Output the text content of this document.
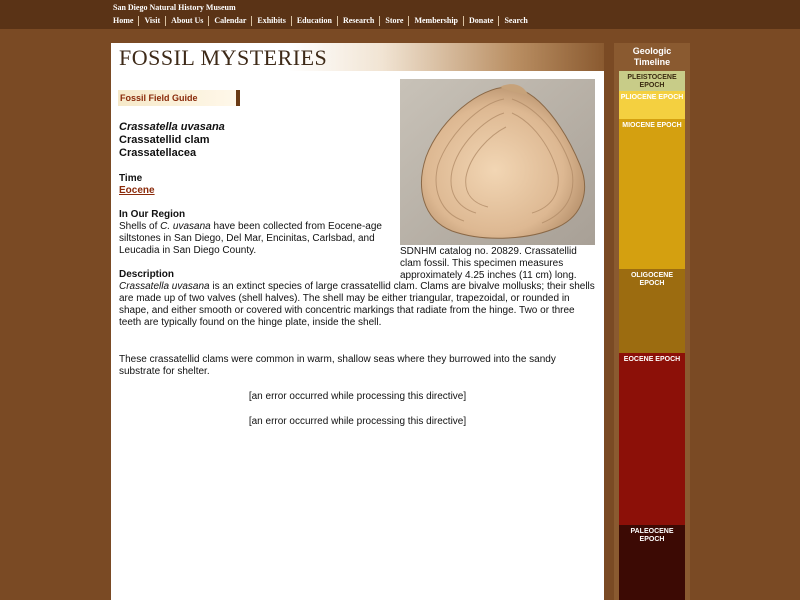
San Diego Natural History Museum
Home	Visit	About Us	Calendar	Exhibits	Education	Research	Store	Membership	Donate	Search
FOSSIL MYSTERIES
Fossil Field Guide
SDNHM catalog no. 20829. Crassatellid clam fossil. This specimen measures approximately 4.25 inches (11 cm) long.
Crassatella uvasana
Crassatellid clam
Crassatellacea
Time
Eocene
In Our Region
Shells of C. uvasana have been collected from Eocene-age siltstones in San Diego, Del Mar, Encinitas, Carlsbad, and Leucadia in San Diego County.
Description
Crassatella uvasana is an extinct species of large crassatellid clam. Clams are bivalve mollusks; their shells are made up of two valves (shell halves). The shell may be either triangular, trapezoidal, or rounded in shape, and either smooth or covered with concentric markings that radiate from the hinge. Two or three teeth are typically found on the hinge plate, inside the shell.
These crassatellid clams were common in warm, shallow seas where they burrowed into the sandy substrate for shelter.
[an error occurred while processing this directive]
[an error occurred while processing this directive]
Geologic Timeline
PLEISTOCENE EPOCH
PLIOCENE EPOCH
MIOCENE EPOCH
OLIGOCENE EPOCH
EOCENE EPOCH
PALEOCENE EPOCH
